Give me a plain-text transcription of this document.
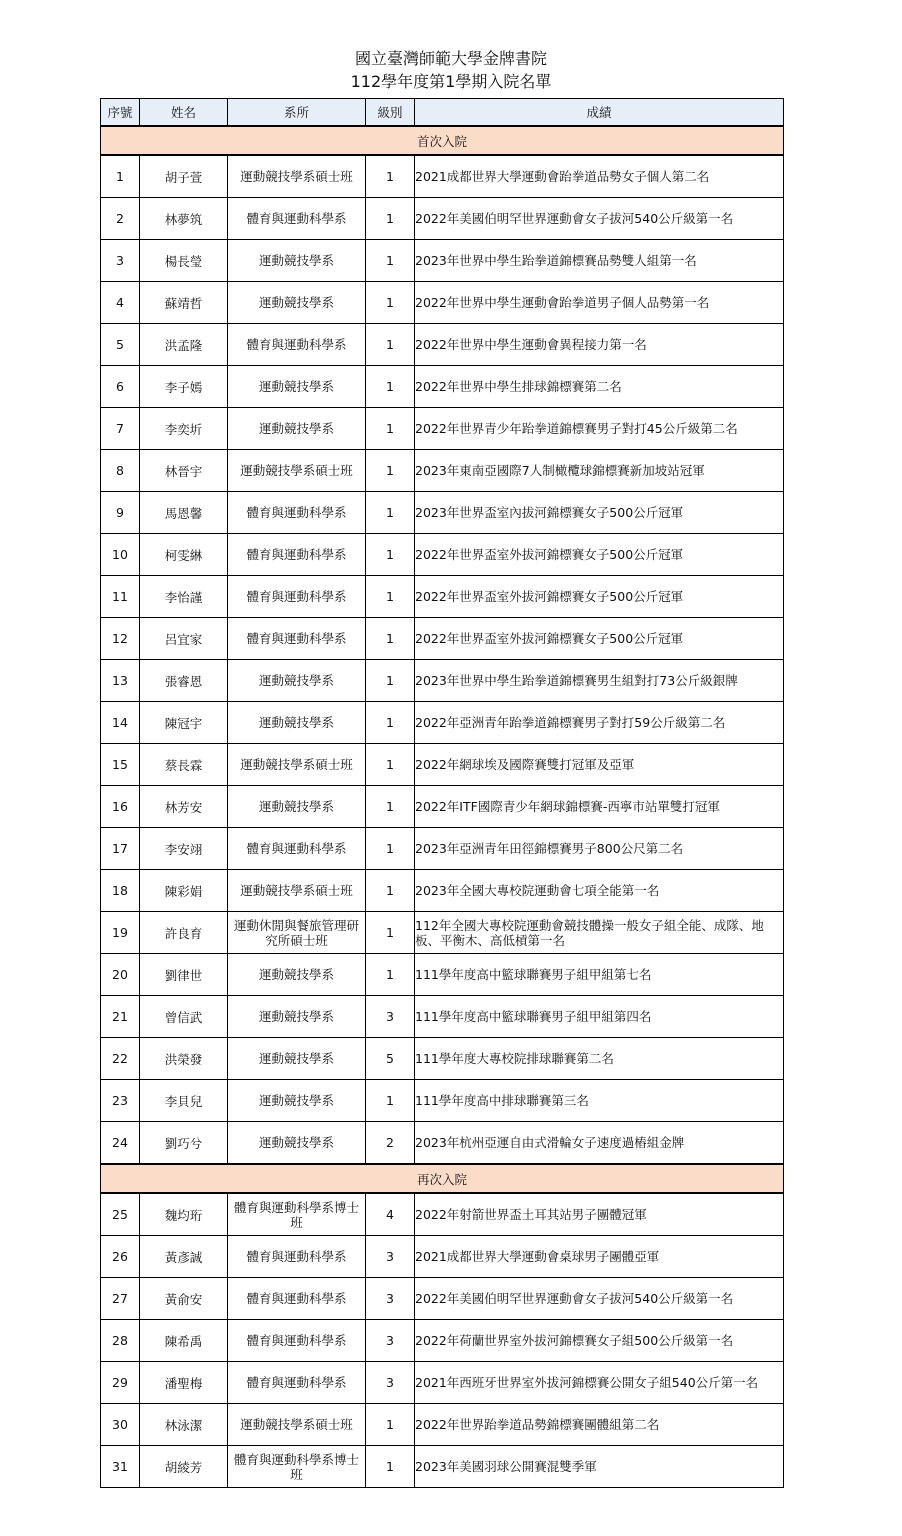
國立臺灣師範大學金牌書院
112學年度第1學期入院名單
序號	姓名	系所	級別	成績
首次入院				
1	胡子萱	運動競技學系碩士班	1	2021成都世界大學運動會跆拳道品勢女子個人第二名
2	林夢筑	體育與運動科學系	1	2022年美國伯明罕世界運動會女子拔河540公斤級第一名
3	楊長瑩	運動競技學系	1	2023年世界中學生跆拳道錦標賽品勢雙人組第一名
4	蘇靖哲	運動競技學系	1	2022年世界中學生運動會跆拳道男子個人品勢第一名
5	洪孟隆	體育與運動科學系	1	2022年世界中學生運動會異程接力第一名
6	李子嫣	運動競技學系	1	2022年世界中學生排球錦標賽第二名
7	李奕圻	運動競技學系	1	2022年世界青少年跆拳道錦標賽男子對打45公斤級第二名
8	林晉宇	運動競技學系碩士班	1	2023年東南亞國際7人制橄欖球錦標賽新加坡站冠軍
9	馬恩馨	體育與運動科學系	1	2023年世界盃室內拔河錦標賽女子500公斤冠軍
10	柯雯綝	體育與運動科學系	1	2022年世界盃室外拔河錦標賽女子500公斤冠軍
11	李怡謹	體育與運動科學系	1	2022年世界盃室外拔河錦標賽女子500公斤冠軍
12	呂宜家	體育與運動科學系	1	2022年世界盃室外拔河錦標賽女子500公斤冠軍
13	張睿恩	運動競技學系	1	2023年世界中學生跆拳道錦標賽男生組對打73公斤級銀牌
14	陳冠宇	運動競技學系	1	2022年亞洲青年跆拳道錦標賽男子對打59公斤級第二名
15	蔡長霖	運動競技學系碩士班	1	2022年網球埃及國際賽雙打冠軍及亞軍
16	林芳安	運動競技學系	1	2022年ITF國際青少年網球錦標賽-西寧市站單雙打冠軍
17	李安翊	體育與運動科學系	1	2023年亞洲青年田徑錦標賽男子800公尺第二名
18	陳彩娟	運動競技學系碩士班	1	2023年全國大專校院運動會七項全能第一名
19	許良育	運動休閒與餐旅管理研究所碩士班	1	112年全國大專校院運動會競技體操一般女子組全能、成隊、地板、平衡木、高低槓第一名
20	劉律世	運動競技學系	1	111學年度高中籃球聯賽男子組甲組第七名
21	曾信武	運動競技學系	3	111學年度高中籃球聯賽男子組甲組第四名
22	洪榮發	運動競技學系	5	111學年度大專校院排球聯賽第二名
23	李貝兒	運動競技學系	1	111學年度高中排球聯賽第三名
24	劉巧兮	運動競技學系	2	2023年杭州亞運自由式滑輪女子速度過樁組金牌
再次入院				
25	魏均珩	體育與運動科學系博士班	4	2022年射箭世界盃土耳其站男子團體冠軍
26	黃彥誠	體育與運動科學系	3	2021成都世界大學運動會桌球男子團體亞軍
27	黃俞安	體育與運動科學系	3	2022年美國伯明罕世界運動會女子拔河540公斤級第一名
28	陳希禹	體育與運動科學系	3	2022年荷蘭世界室外拔河錦標賽女子組500公斤級第一名
29	潘聖梅	體育與運動科學系	3	2021年西班牙世界室外拔河錦標賽公開女子組540公斤第一名
30	林泳潔	運動競技學系碩士班	1	2022年世界跆拳道品勢錦標賽團體組第二名
31	胡綾芳	體育與運動科學系博士班	1	2023年美國羽球公開賽混雙季軍
